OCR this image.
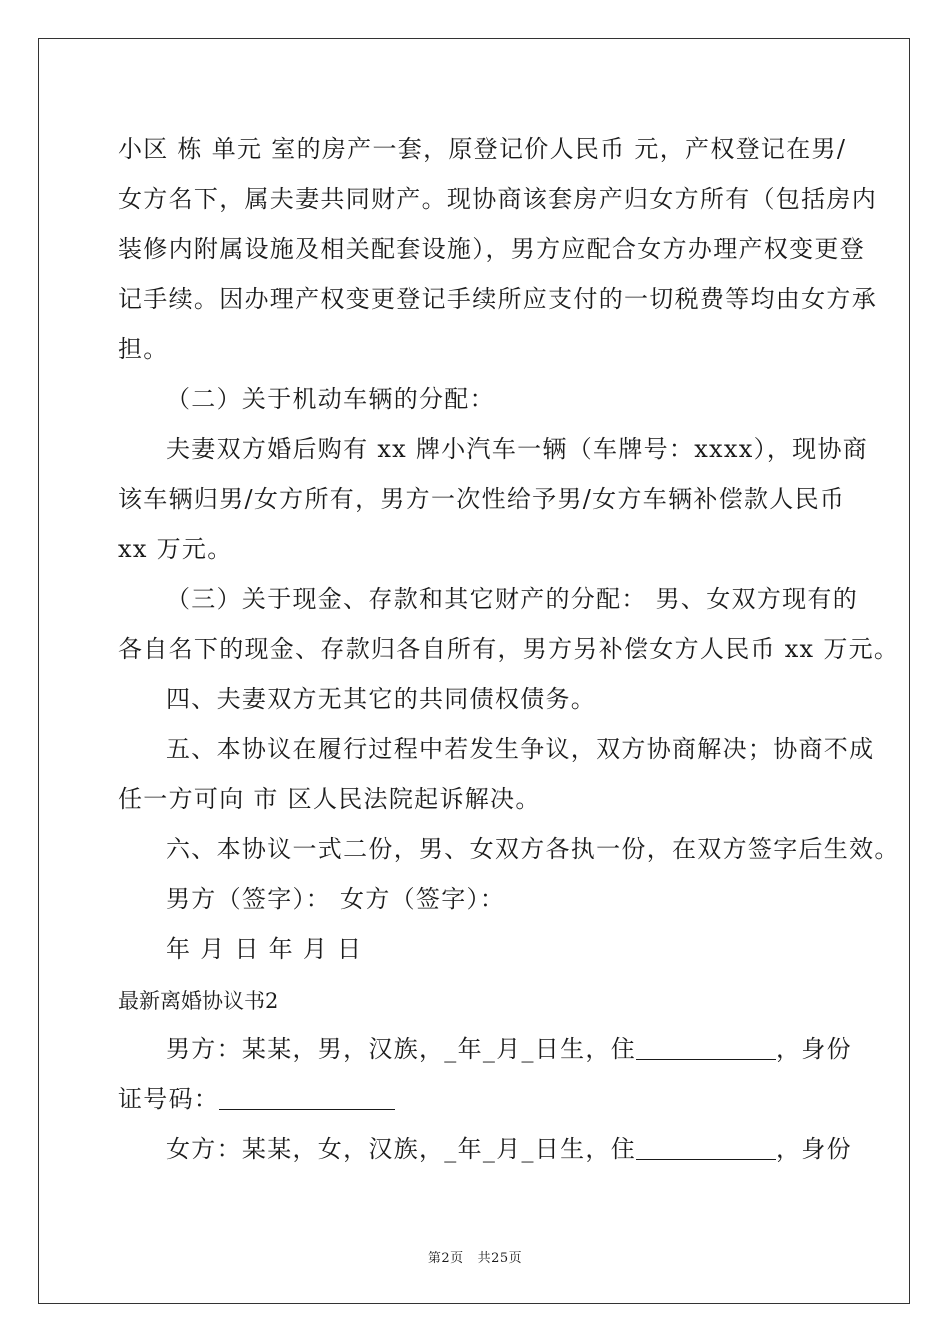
小区 栋 单元 室的房产一套，原登记价人民币 元，产权登记在男/
女方名下，属夫妻共同财产。现协商该套房产归女方所有（包括房内
装修内附属设施及相关配套设施），男方应配合女方办理产权变更登
记手续。因办理产权变更登记手续所应支付的一切税费等均由女方承
担。
（二）关于机动车辆的分配：
夫妻双方婚后购有 xx 牌小汽车一辆（车牌号：xxxx），现协商
该车辆归男/女方所有，男方一次性给予男/女方车辆补偿款人民币
xx 万元。
（三）关于现金、存款和其它财产的分配： 男、女双方现有的
各自名下的现金、存款归各自所有，男方另补偿女方人民币 xx 万元。
四、夫妻双方无其它的共同债权债务。
五、本协议在履行过程中若发生争议，双方协商解决；协商不成
任一方可向 市 区人民法院起诉解决。
六、本协议一式二份，男、女双方各执一份，在双方签字后生效。
男方（签字）： 女方（签字）：
年 月 日 年 月 日
最新离婚协议书2
男方：某某，男，汉族，_年_月_日生，住	，身份
证号码：
女方：某某，女，汉族，_年_月_日生，住	，身份
第2页 共25页
